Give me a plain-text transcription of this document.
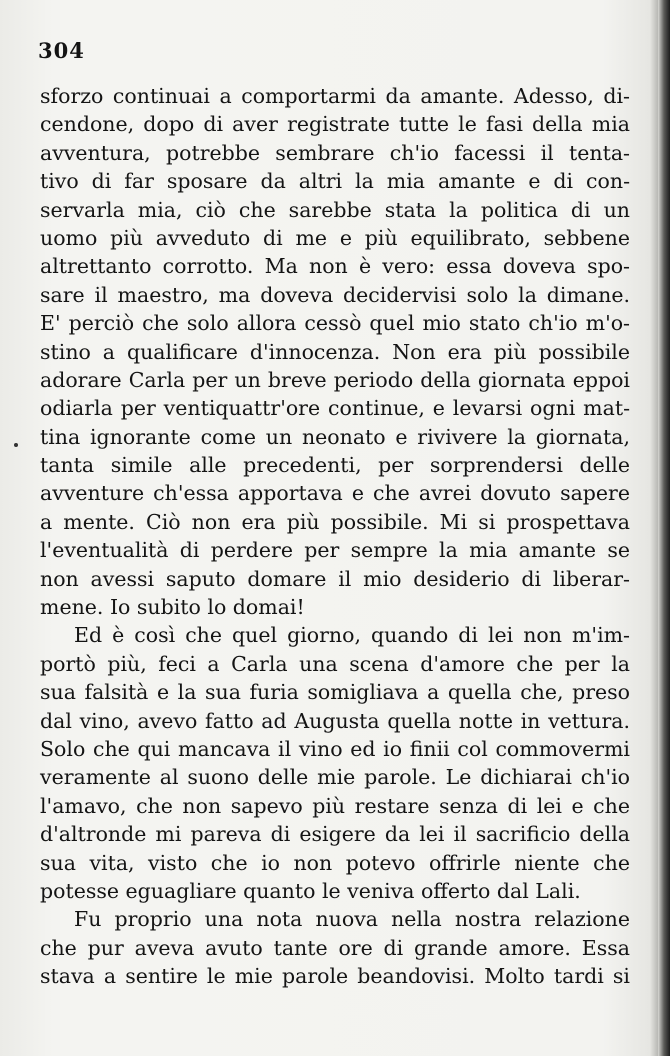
304
sforzo continuai a comportarmi da amante. Adesso, di-
cendone, dopo di aver registrate tutte le fasi della mia
avventura, potrebbe sembrare ch'io facessi il tenta-
tivo di far sposare da altri la mia amante e di con-
servarla mia, ciò che sarebbe stata la politica di un
uomo più avveduto di me e più equilibrato, sebbene
altrettanto corrotto. Ma non è vero: essa doveva spo-
sare il maestro, ma doveva decidervisi solo la dimane.
E' perciò che solo allora cessò quel mio stato ch'io m'o-
stino a qualificare d'innocenza. Non era più possibile
adorare Carla per un breve periodo della giornata eppoi
odiarla per ventiquattr'ore continue, e levarsi ogni mat-
tina ignorante come un neonato e rivivere la giornata,
tanta simile alle precedenti, per sorprendersi delle
avventure ch'essa apportava e che avrei dovuto sapere
a mente. Ciò non era più possibile. Mi si prospettava
l'eventualità di perdere per sempre la mia amante se
non avessi saputo domare il mio desiderio di liberar-
mene. Io subito lo domai!
Ed è così che quel giorno, quando di lei non m'im-
portò più, feci a Carla una scena d'amore che per la
sua falsità e la sua furia somigliava a quella che, preso
dal vino, avevo fatto ad Augusta quella notte in vettura.
Solo che qui mancava il vino ed io finii col commovermi
veramente al suono delle mie parole. Le dichiarai ch'io
l'amavo, che non sapevo più restare senza di lei e che
d'altronde mi pareva di esigere da lei il sacrificio della
sua vita, visto che io non potevo offrirle niente che
potesse eguagliare quanto le veniva offerto dal Lali.
Fu proprio una nota nuova nella nostra relazione
che pur aveva avuto tante ore di grande amore. Essa
stava a sentire le mie parole beandovisi. Molto tardi si
